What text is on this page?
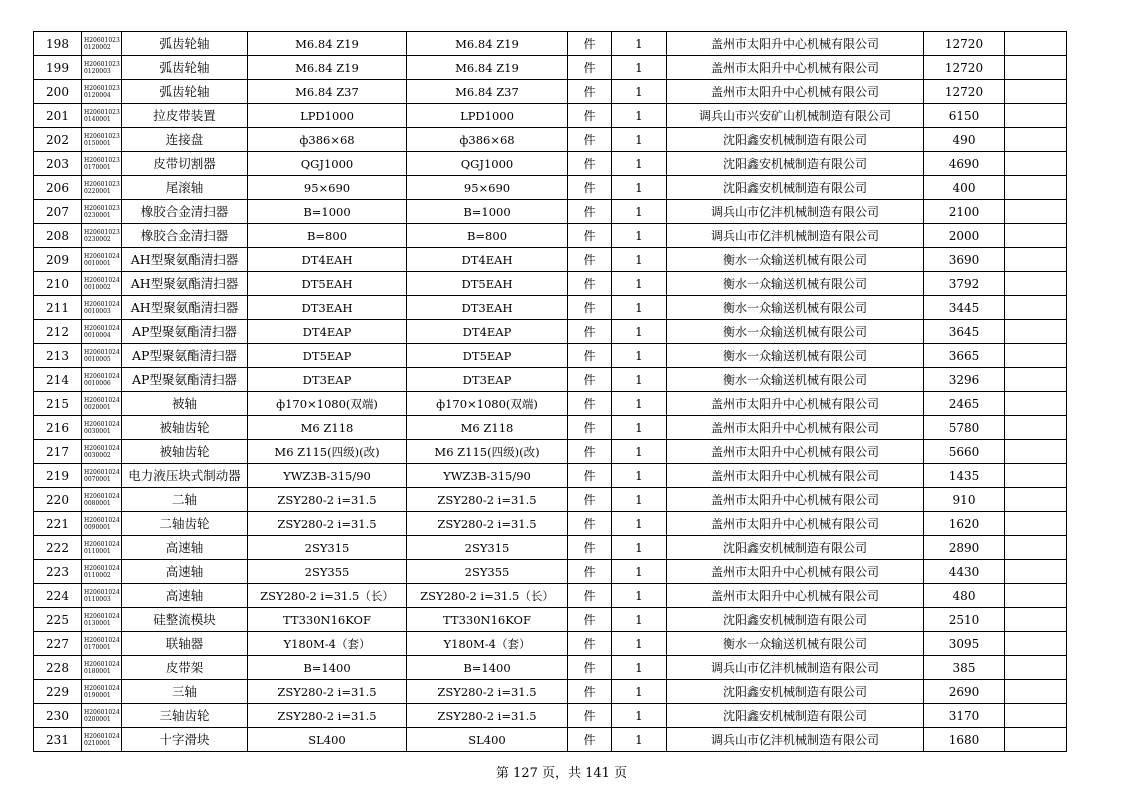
198	H206010230120002	弧齿轮轴	M6.84 Z19	M6.84 Z19	件	1	盖州市太阳升中心机械有限公司	12720	
199	H206010230120003	弧齿轮轴	M6.84 Z19	M6.84 Z19	件	1	盖州市太阳升中心机械有限公司	12720	
200	H206010230120004	弧齿轮轴	M6.84 Z37	M6.84 Z37	件	1	盖州市太阳升中心机械有限公司	12720	
201	H206010230140001	拉皮带装置	LPD1000	LPD1000	件	1	调兵山市兴安矿山机械制造有限公司	6150	
202	H206010230150001	连接盘	ф386×68	ф386×68	件	1	沈阳鑫安机械制造有限公司	490	
203	H206010230170001	皮带切割器	QGJ1000	QGJ1000	件	1	沈阳鑫安机械制造有限公司	4690	
206	H206010230220001	尾滚轴	95×690	95×690	件	1	沈阳鑫安机械制造有限公司	400	
207	H206010230230001	橡胶合金清扫器	B=1000	B=1000	件	1	调兵山市亿沣机械制造有限公司	2100	
208	H206010230230002	橡胶合金清扫器	B=800	B=800	件	1	调兵山市亿沣机械制造有限公司	2000	
209	H206010240010001	AH型聚氨酯清扫器	DT4EAH	DT4EAH	件	1	衡水一众输送机械有限公司	3690	
210	H206010240010002	AH型聚氨酯清扫器	DT5EAH	DT5EAH	件	1	衡水一众输送机械有限公司	3792	
211	H206010240010003	AH型聚氨酯清扫器	DT3EAH	DT3EAH	件	1	衡水一众输送机械有限公司	3445	
212	H206010240010004	AP型聚氨酯清扫器	DT4EAP	DT4EAP	件	1	衡水一众输送机械有限公司	3645	
213	H206010240010005	AP型聚氨酯清扫器	DT5EAP	DT5EAP	件	1	衡水一众输送机械有限公司	3665	
214	H206010240010006	AP型聚氨酯清扫器	DT3EAP	DT3EAP	件	1	衡水一众输送机械有限公司	3296	
215	H206010240020001	被轴	ф170×1080(双端)	ф170×1080(双端)	件	1	盖州市太阳升中心机械有限公司	2465	
216	H206010240030001	被轴齿轮	M6 Z118	M6 Z118	件	1	盖州市太阳升中心机械有限公司	5780	
217	H206010240030002	被轴齿轮	M6 Z115(四级)(改)	M6 Z115(四级)(改)	件	1	盖州市太阳升中心机械有限公司	5660	
219	H206010240070001	电力液压块式制动器	YWZ3B-315/90	YWZ3B-315/90	件	1	盖州市太阳升中心机械有限公司	1435	
220	H206010240080001	二轴	ZSY280-2 i=31.5	ZSY280-2 i=31.5	件	1	盖州市太阳升中心机械有限公司	910	
221	H206010240090001	二轴齿轮	ZSY280-2 i=31.5	ZSY280-2 i=31.5	件	1	盖州市太阳升中心机械有限公司	1620	
222	H206010240110001	高速轴	2SY315	2SY315	件	1	沈阳鑫安机械制造有限公司	2890	
223	H206010240110002	高速轴	2SY355	2SY355	件	1	盖州市太阳升中心机械有限公司	4430	
224	H206010240110003	高速轴	ZSY280-2 i=31.5（长）	ZSY280-2 i=31.5（长）	件	1	盖州市太阳升中心机械有限公司	480	
225	H206010240130001	硅整流模块	TT330N16KOF	TT330N16KOF	件	1	沈阳鑫安机械制造有限公司	2510	
227	H206010240170001	联轴器	Y180M-4（套）	Y180M-4（套）	件	1	衡水一众输送机械有限公司	3095	
228	H206010240180001	皮带架	B=1400	B=1400	件	1	调兵山市亿沣机械制造有限公司	385	
229	H206010240190001	三轴	ZSY280-2 i=31.5	ZSY280-2 i=31.5	件	1	沈阳鑫安机械制造有限公司	2690	
230	H206010240200001	三轴齿轮	ZSY280-2 i=31.5	ZSY280-2 i=31.5	件	1	沈阳鑫安机械制造有限公司	3170	
231	H206010240210001	十字滑块	SL400	SL400	件	1	调兵山市亿沣机械制造有限公司	1680	
第 127 页，共 141 页
